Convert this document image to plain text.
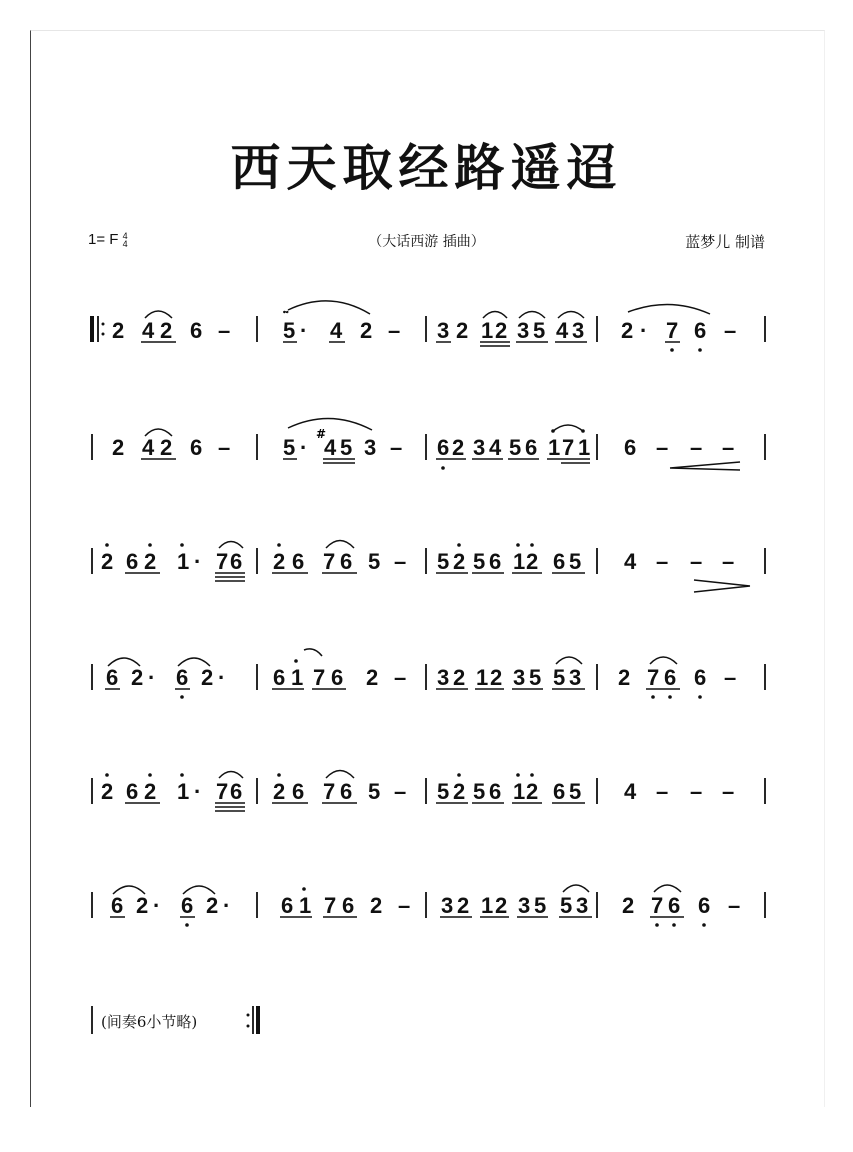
西天取经路遥迢
1= F 4
4	（大话西游 插曲）	蓝梦儿 制谱
2 4 2 6 – 5
𝆗
· 4 2 – 3 2 1 2 3 5 4 3 2 · 7 6 –
2 4 2 6 – 5 ·
#
4 5 3 – 6 2 3 4 5 6 1 7 1 6 – – –
2 6 2 1 · 7 6 2 6 7 6 5 – 5 2 5 6 1 2 6 5 4 – – –
6 2 · 6 2 · 6 1 7 6 2 – 3 2 1 2 3 5 5 3 2 7 6 6 –
2 6 2 1 · 7 6 2 6 7 6 5 – 5 2 5 6 1 2 6 5 4 – – –
6 2 · 6 2 · 6 1 7 6 2 – 3 2 1 2 3 5 5 3 2 7 6 6 –
(间奏6小节略)
